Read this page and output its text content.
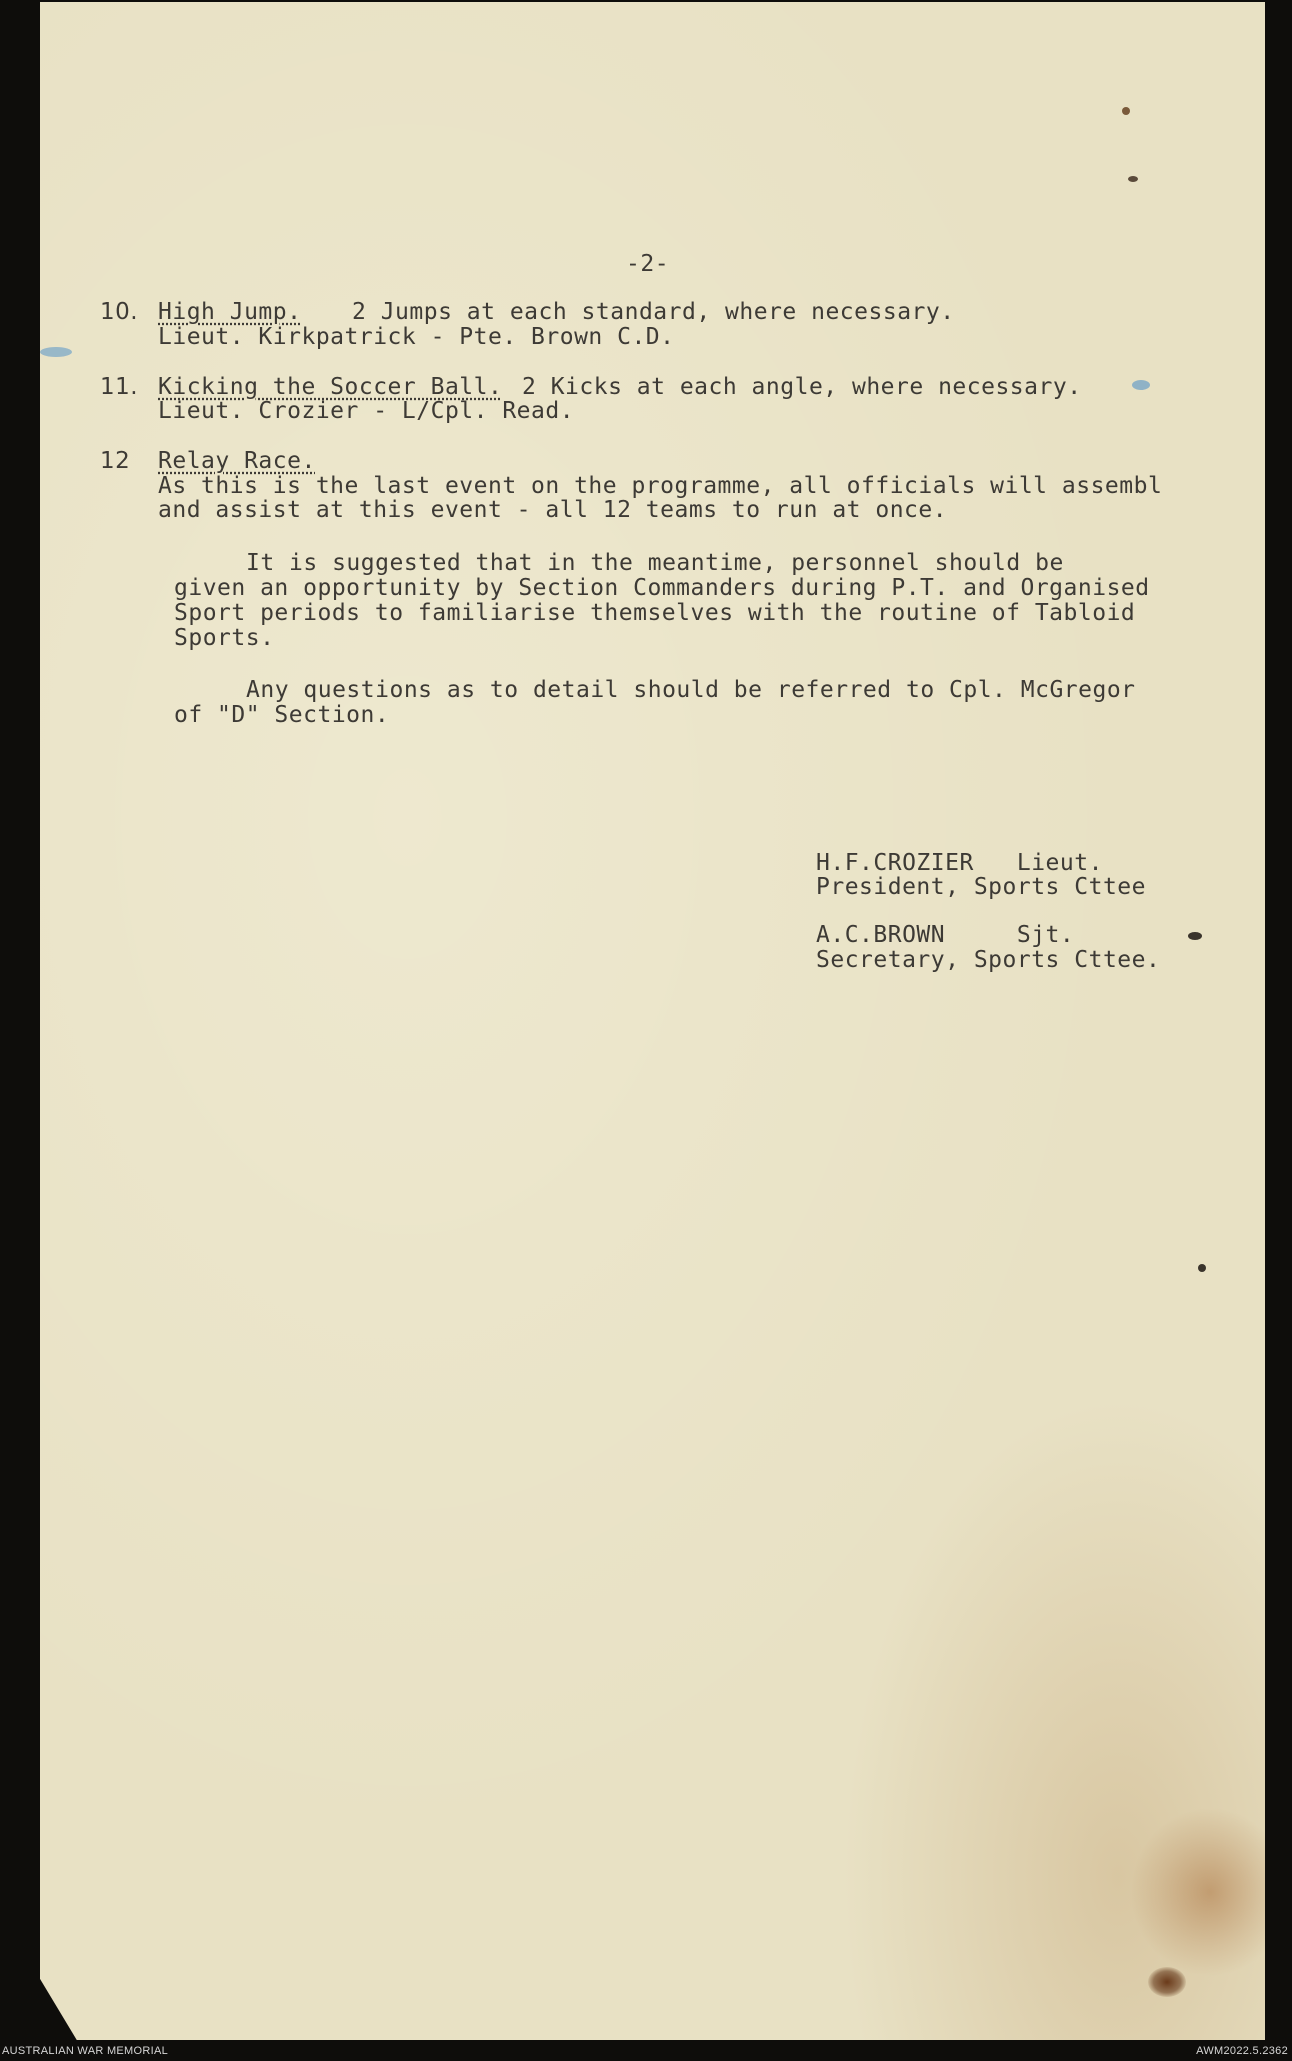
-2-
10. High Jump. 2 Jumps at each standard, where necessary.
Lieut. Kirkpatrick - Pte. Brown C.D.
11. Kicking the Soccer Ball. 2 Kicks at each angle, where necessary.
Lieut. Crozier - L/Cpl. Read.
12 Relay Race.
As this is the last event on the programme, all officials will assembl
and assist at this event - all 12 teams to run at once.
It is suggested that in the meantime, personnel should be
given an opportunity by Section Commanders during P.T. and Organised
Sport periods to familiarise themselves with the routine of Tabloid
Sports.
Any questions as to detail should be referred to Cpl. McGregor
of "D" Section.
H.F.CROZIER   Lieut.
President, Sports Cttee
A.C.BROWN     Sjt.
Secretary, Sports Cttee.
AUSTRALIAN WAR MEMORIAL	AWM2022.5.2362
